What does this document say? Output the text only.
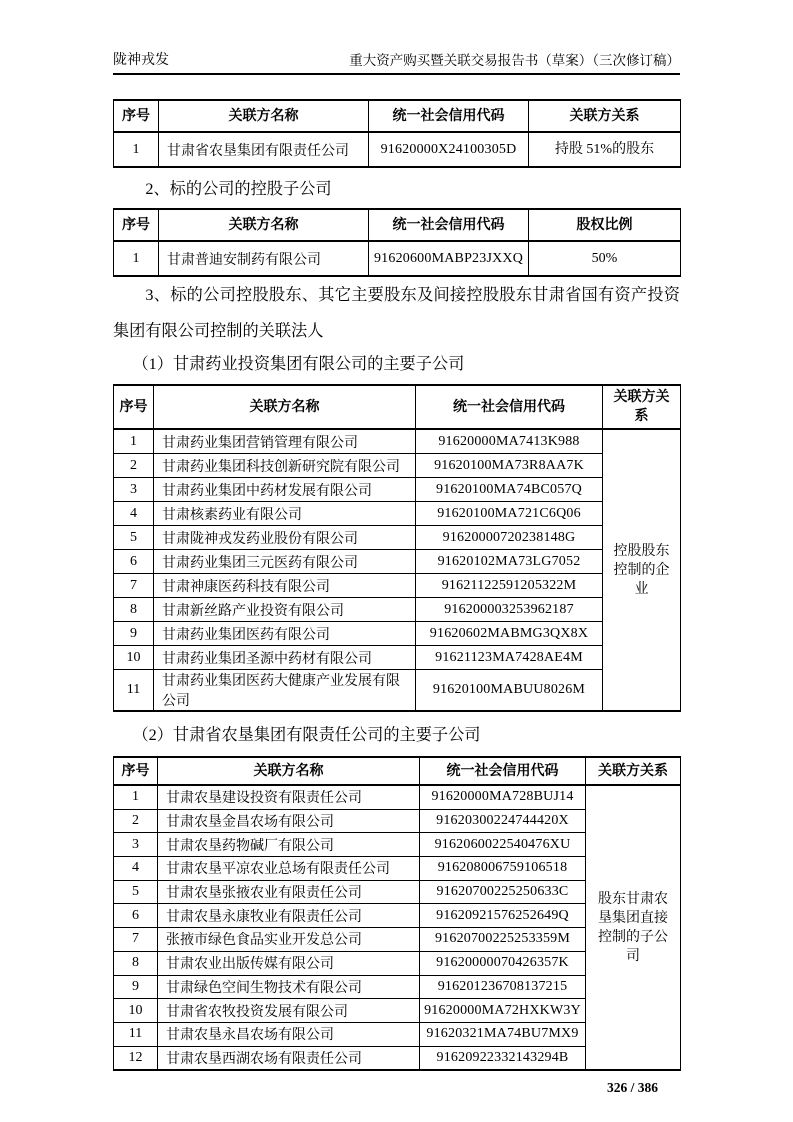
陇神戎发	重大资产购买暨关联交易报告书（草案）（三次修订稿）
序号	关联方名称	统一社会信用代码	关联方关系
1	甘肃省农垦集团有限责任公司	91620000X24100305D	持股 51%的股东

2、标的公司的控股子公司

序号	关联方名称	统一社会信用代码	股权比例
1	甘肃普迪安制药有限公司	91620600MABP23JXXQ	50%

3、标的公司控股股东、其它主要股东及间接控股股东甘肃省国有资产投资集团有限公司控制的关联法人

（1）甘肃药业投资集团有限公司的主要子公司

序号	关联方名称	统一社会信用代码	关联方关系
1	甘肃药业集团营销管理有限公司	91620000MA7413K988	控股股东控制的企业
2	甘肃药业集团科技创新研究院有限公司	91620100MA73R8AA7K	
3	甘肃药业集团中药材发展有限公司	91620100MA74BC057Q	
4	甘肃核素药业有限公司	91620100MA721C6Q06	
5	甘肃陇神戎发药业股份有限公司	91620000720238148G	
6	甘肃药业集团三元医药有限公司	91620102MA73LG7052	
7	甘肃神康医药科技有限公司	91621122591205322M	
8	甘肃新丝路产业投资有限公司	916200003253962187	
9	甘肃药业集团医药有限公司	91620602MABMG3QX8X	
10	甘肃药业集团圣源中药材有限公司	91621123MA7428AE4M	
11	甘肃药业集团医药大健康产业发展有限公司	91620100MABUU8026M	

（2）甘肃省农垦集团有限责任公司的主要子公司

序号	关联方名称	统一社会信用代码	关联方关系
1	甘肃农垦建设投资有限责任公司	91620000MA728BUJ14	股东甘肃农垦集团直接控制的子公司
2	甘肃农垦金昌农场有限公司	91620300224744420X	
3	甘肃农垦药物碱厂有限公司	9162060022540476XU	
4	甘肃农垦平凉农业总场有限责任公司	916208006759106518	
5	甘肃农垦张掖农业有限责任公司	91620700225250633C	
6	甘肃农垦永康牧业有限责任公司	91620921576252649Q	
7	张掖市绿色食品实业开发总公司	91620700225253359M	
8	甘肃农业出版传媒有限公司	91620000070426357K	
9	甘肃绿色空间生物技术有限公司	916201236708137215	
10	甘肃省农牧投资发展有限公司	91620000MA72HXKW3Y	
11	甘肃农垦永昌农场有限公司	91620321MA74BU7MX9	
12	甘肃农垦西湖农场有限责任公司	91620922332143294B	
326 / 386
